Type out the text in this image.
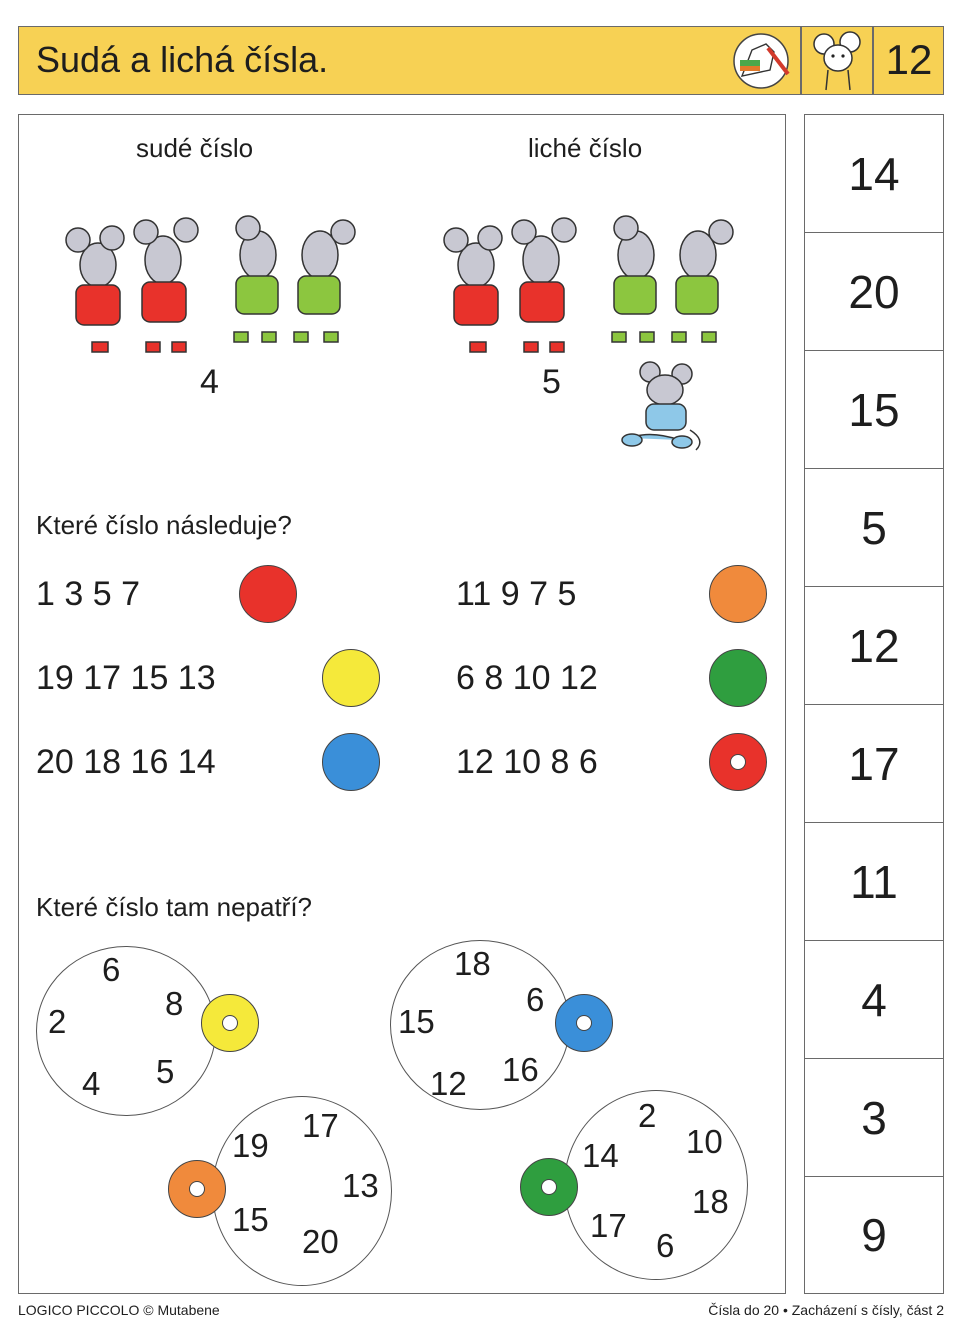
Sudá a lichá čísla.	12
sudé číslo	liché číslo
4	5
Které číslo následuje?
1 3 5 7	11 9 7 5
19 17 15 13	6 8 10 12
20 18 16 14	12 10 8 6
Které číslo tam nepatří?
6
8
2
5
4
18
6
15
16
12
17
19
13
15
20
2
10
14
18
17
6
14
20
15
5
12
17
11
4
3
9
LOGICO PICCOLO © Mutabene	Čísla do 20 • Zacházení s čísly, část 2
